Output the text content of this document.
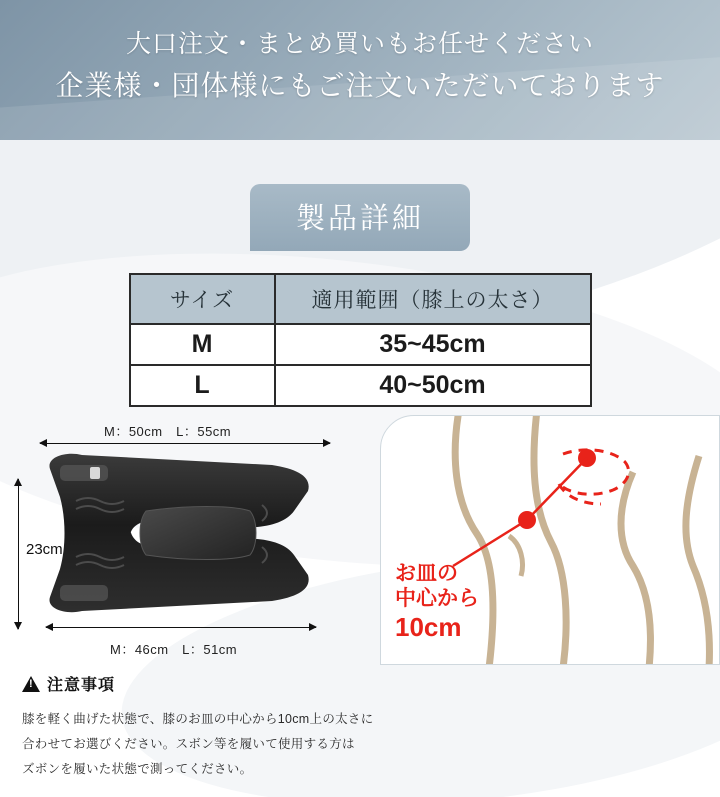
大口注文・まとめ買いもお任せください
企業様・団体様にもご注文いただいております
製品詳細
サイズ	適用範囲（膝上の太さ）
M	35~45cm
L	40~50cm
M：50cm　L：55cm
23cm
M：46cm　L：51cm
お皿の
中心から
10cm
! 注意事項
膝を軽く曲げた状態で、膝のお皿の中心から10cm上の太さに
合わせてお選びください。スボン等を履いて使用する方は
ズボンを履いた状態で測ってください。
